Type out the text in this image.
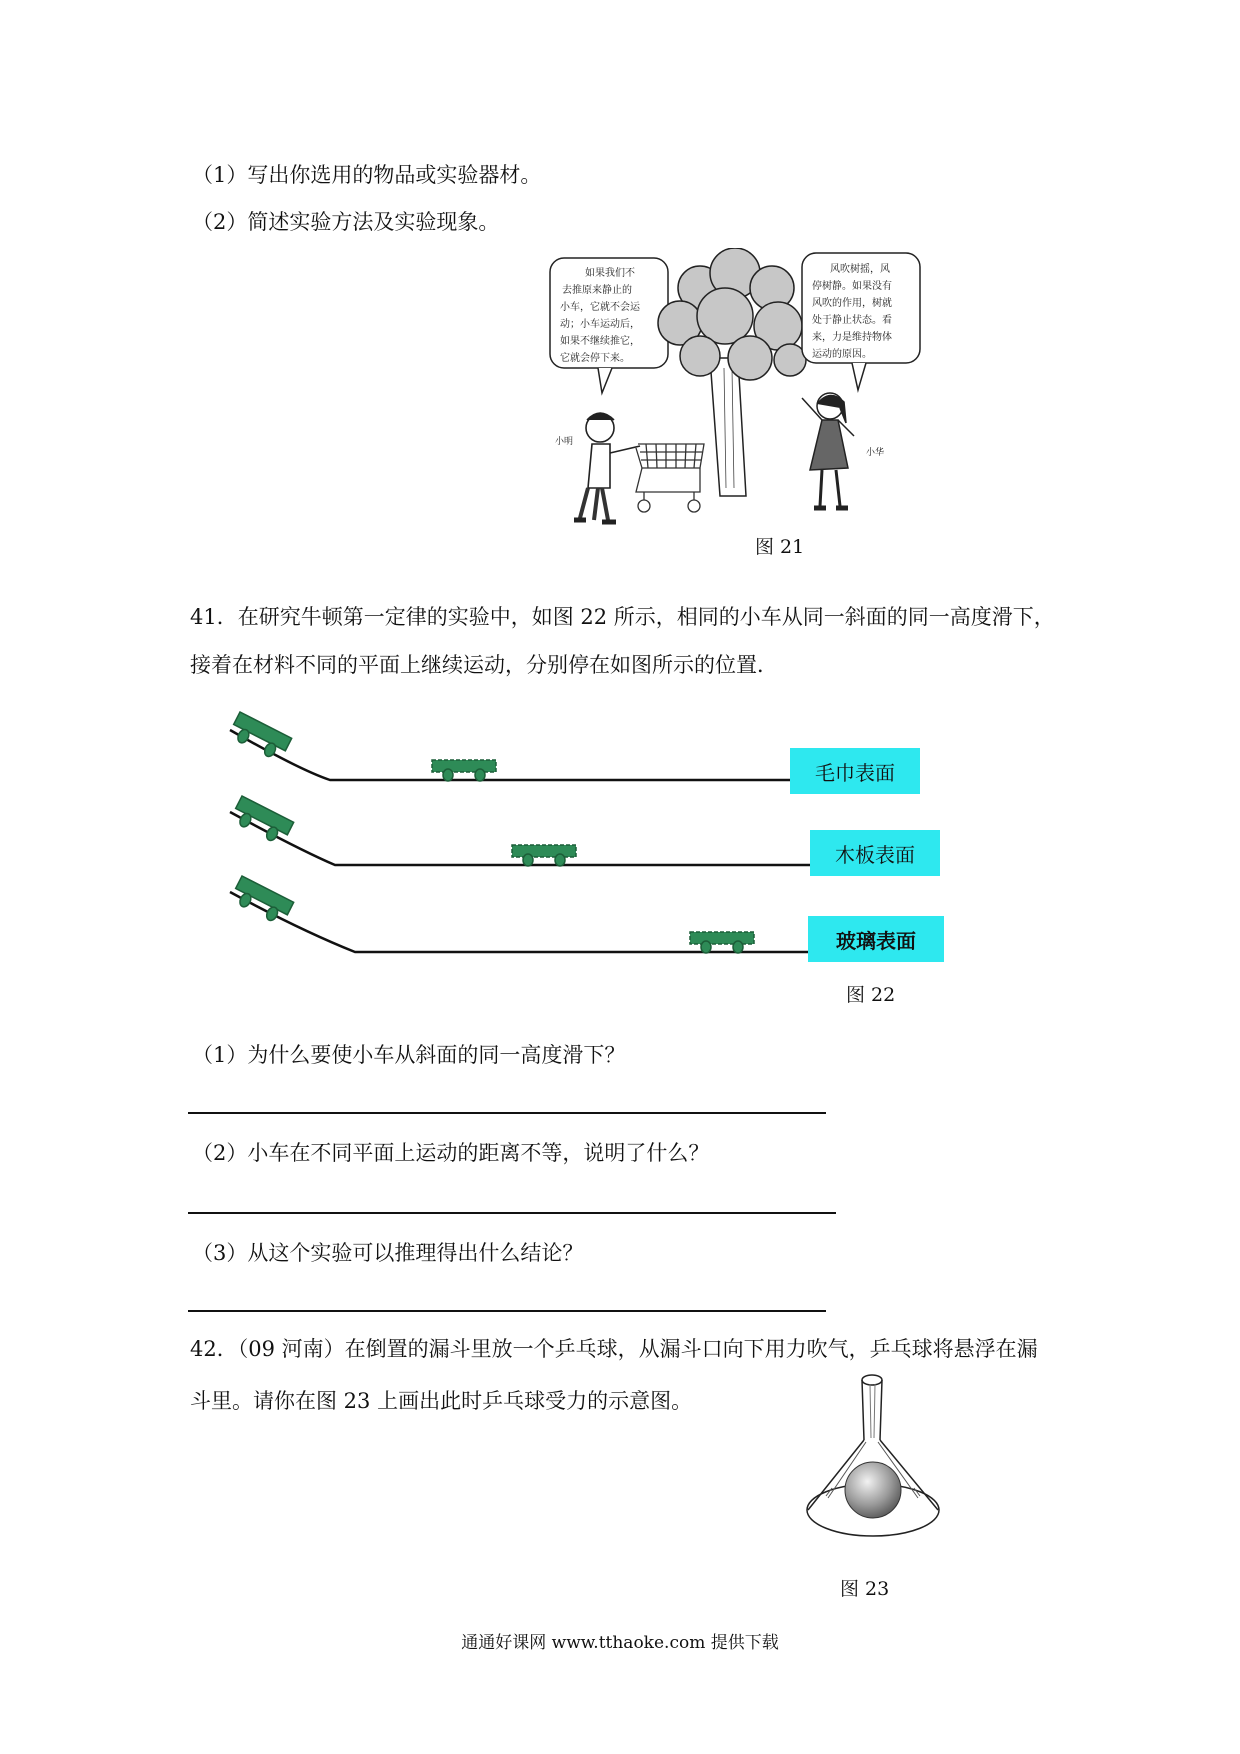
（1）写出你选用的物品或实验器材。
（2）简述实验方法及实验现象。
如果我们不
去推原来静止的
小车，它就不会运
动；小车运动后，
如果不继续推它，
它就会停下来。
小明
风吹树摇，风
停树静。如果没有
风吹的作用，树就
处于静止状态。看
来，力是维持物体
运动的原因。
小华
图 21
41．在研究牛顿第一定律的实验中，如图 22 所示，相同的小车从同一斜面的同一高度滑下，
接着在材料不同的平面上继续运动，分别停在如图所示的位置．
毛巾表面
木板表面
玻璃表面
图 22
（1）为什么要使小车从斜面的同一高度滑下？
（2）小车在不同平面上运动的距离不等，说明了什么？
（3）从这个实验可以推理得出什么结论？
42．（09 河南）在倒置的漏斗里放一个乒乓球，从漏斗口向下用力吹气，乒乓球将悬浮在漏
斗里。请你在图 23 上画出此时乒乓球受力的示意图。
图 23
通通好课网 www.tthaoke.com 提供下载
